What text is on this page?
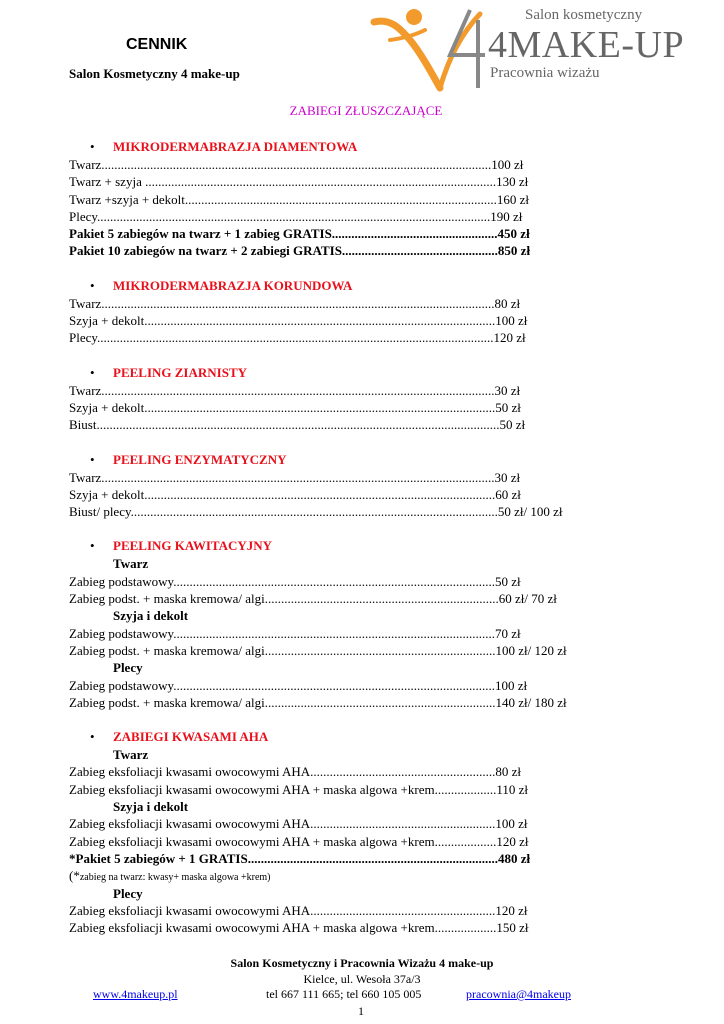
CENNIK
Salon Kosmetyczny 4 make-up
Salon kosmetyczny
4MAKE-UP
Pracownia wizażu
ZABIEGI ZŁUSZCZAJĄCE
• MIKRODERMABRAZJA DIAMENTOWA
Twarz........................................................................................................................100 zł
Twarz + szyja ............................................................................................................130 zł
Twarz +szyja + dekolt................................................................................................160 zł
Plecy.........................................................................................................................190 zł
Pakiet 5 zabiegów na twarz + 1 zabieg GRATIS...................................................450 zł
Pakiet 10 zabiegów na twarz + 2 zabiegi GRATIS................................................850 zł
• MIKRODERMABRAZJA KORUNDOWA
Twarz.........................................................................................................................80 zł
Szyja + dekolt............................................................................................................100 zł
Plecy..........................................................................................................................120 zł
• PEELING ZIARNISTY
Twarz.........................................................................................................................30 zł
Szyja + dekolt............................................................................................................50 zł
Biust............................................................................................................................50 zł
• PEELING ENZYMATYCZNY
Twarz.........................................................................................................................30 zł
Szyja + dekolt............................................................................................................60 zł
Biust/ plecy.................................................................................................................50 zł/ 100 zł
• PEELING KAWITACYJNY
Twarz
Zabieg podstawowy...................................................................................................50 zł
Zabieg podst. + maska kremowa/ algi........................................................................60 zł/ 70 zł
Szyja i dekolt
Zabieg podstawowy...................................................................................................70 zł
Zabieg podst. + maska kremowa/ algi.......................................................................100 zł/ 120 zł
Plecy
Zabieg podstawowy...................................................................................................100 zł
Zabieg podst. + maska kremowa/ algi.......................................................................140 zł/ 180 zł
• ZABIEGI KWASAMI AHA
Twarz
Zabieg eksfoliacji kwasami owocowymi AHA.........................................................80 zł
Zabieg eksfoliacji kwasami owocowymi AHA + maska algowa +krem...................110 zł
Szyja i dekolt
Zabieg eksfoliacji kwasami owocowymi AHA.........................................................100 zł
Zabieg eksfoliacji kwasami owocowymi AHA + maska algowa +krem...................120 zł
*Pakiet 5 zabiegów + 1 GRATIS.............................................................................480 zł
(*zabieg na twarz: kwasy+ maska algowa +krem)
Plecy
Zabieg eksfoliacji kwasami owocowymi AHA.........................................................120 zł
Zabieg eksfoliacji kwasami owocowymi AHA + maska algowa +krem...................150 zł
Salon Kosmetyczny i Pracownia Wizażu 4 make-up
Kielce, ul. Wesoła 37a/3
www.4makeup.pl	tel 667 111 665; tel 660 105 005	pracownia@4makeup
1
